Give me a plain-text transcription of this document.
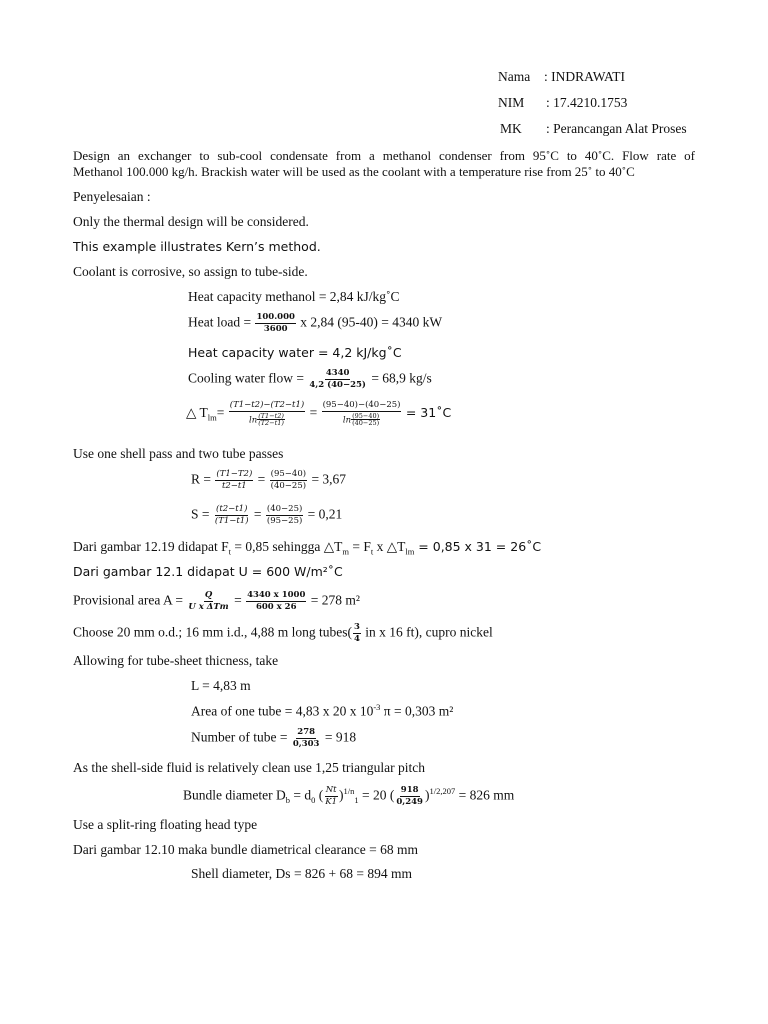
Nama : INDRAWATI
NIM : 17.4210.1753
MK : Perancangan Alat Proses
Design an exchanger to sub-cool condensate from a methanol condenser from 95˚C to 40˚C. Flow rate of
Methanol 100.000 kg/h. Brackish water will be used as the coolant with a temperature rise from 25˚ to 40˚C
Penyelesaian :
Only the thermal design will be considered.
This example illustrates Kern’s method.
Coolant is corrosive, so assign to tube-side.
Heat capacity methanol = 2,84 kJ/kg˚C
Heat load = $\frac{100.000}{3600}$ x 2,84 (95-40) = 4340 kW
Heat capacity water = 4,2 kJ/kg˚C
Cooling water flow = $\frac{4340}{4,2 (40-25)} = 68,9$ kg/s
△ $T_{lm}= \frac{(T1-t2)-(T2-t1)}{\ln \frac{(T1-t2)}{(T2-t1)}} = \frac{(95-40)-(40-25)}{\ln \frac{(95-40)}{(40-25)}}$ = 31˚C
Use one shell pass and two tube passes
$R = \frac{(T1-T2)}{t2-t1} = \frac{(95-40)}{(40-25)} = 3,67$
$S = \frac{(t2-t1)}{(T1-t1)} = \frac{(40-25)}{(95-25)} = 0,21$
Dari gambar 12.19 didapat $F_t = 0,85$ sehingga $\triangle T_m = F_t$ x $\triangle T_{lm} = 0,85$ x 31 = 26˚C
Dari gambar 12.1 didapat U = 600 W/m²˚C
Provisional area $A = \frac{Q}{\text{U x ΔTm}} = \frac{4340 x 1000}{600 x 26} = 278$ m²
Choose 20 mm o.d.; 16 mm i.d., 4,88 m long tubes( $\frac{3}{4}$ in x 16 ft), cupro nickel
Allowing for tube-sheet thicness, take
L = 4,83 m
Area of one tube = 4,83 x 20 x $10^{-3}$ π = 0,303 m²
Number of tube = $\frac{278}{0,303} = 918$
As the shell-side fluid is relatively clean use 1,25 triangular pitch
Bundle diameter $D_b = d_0$ ( $\frac{Nt}{K1} )^{1/n}_1 = 20$ ( $\frac{918}{0,249} )^{1/2,207} = 826$ mm
Use a split-ring floating head type
Dari gambar 12.10 maka bundle diametrical clearance = 68 mm
Shell diameter, Ds = 826 + 68 = 894 mm
